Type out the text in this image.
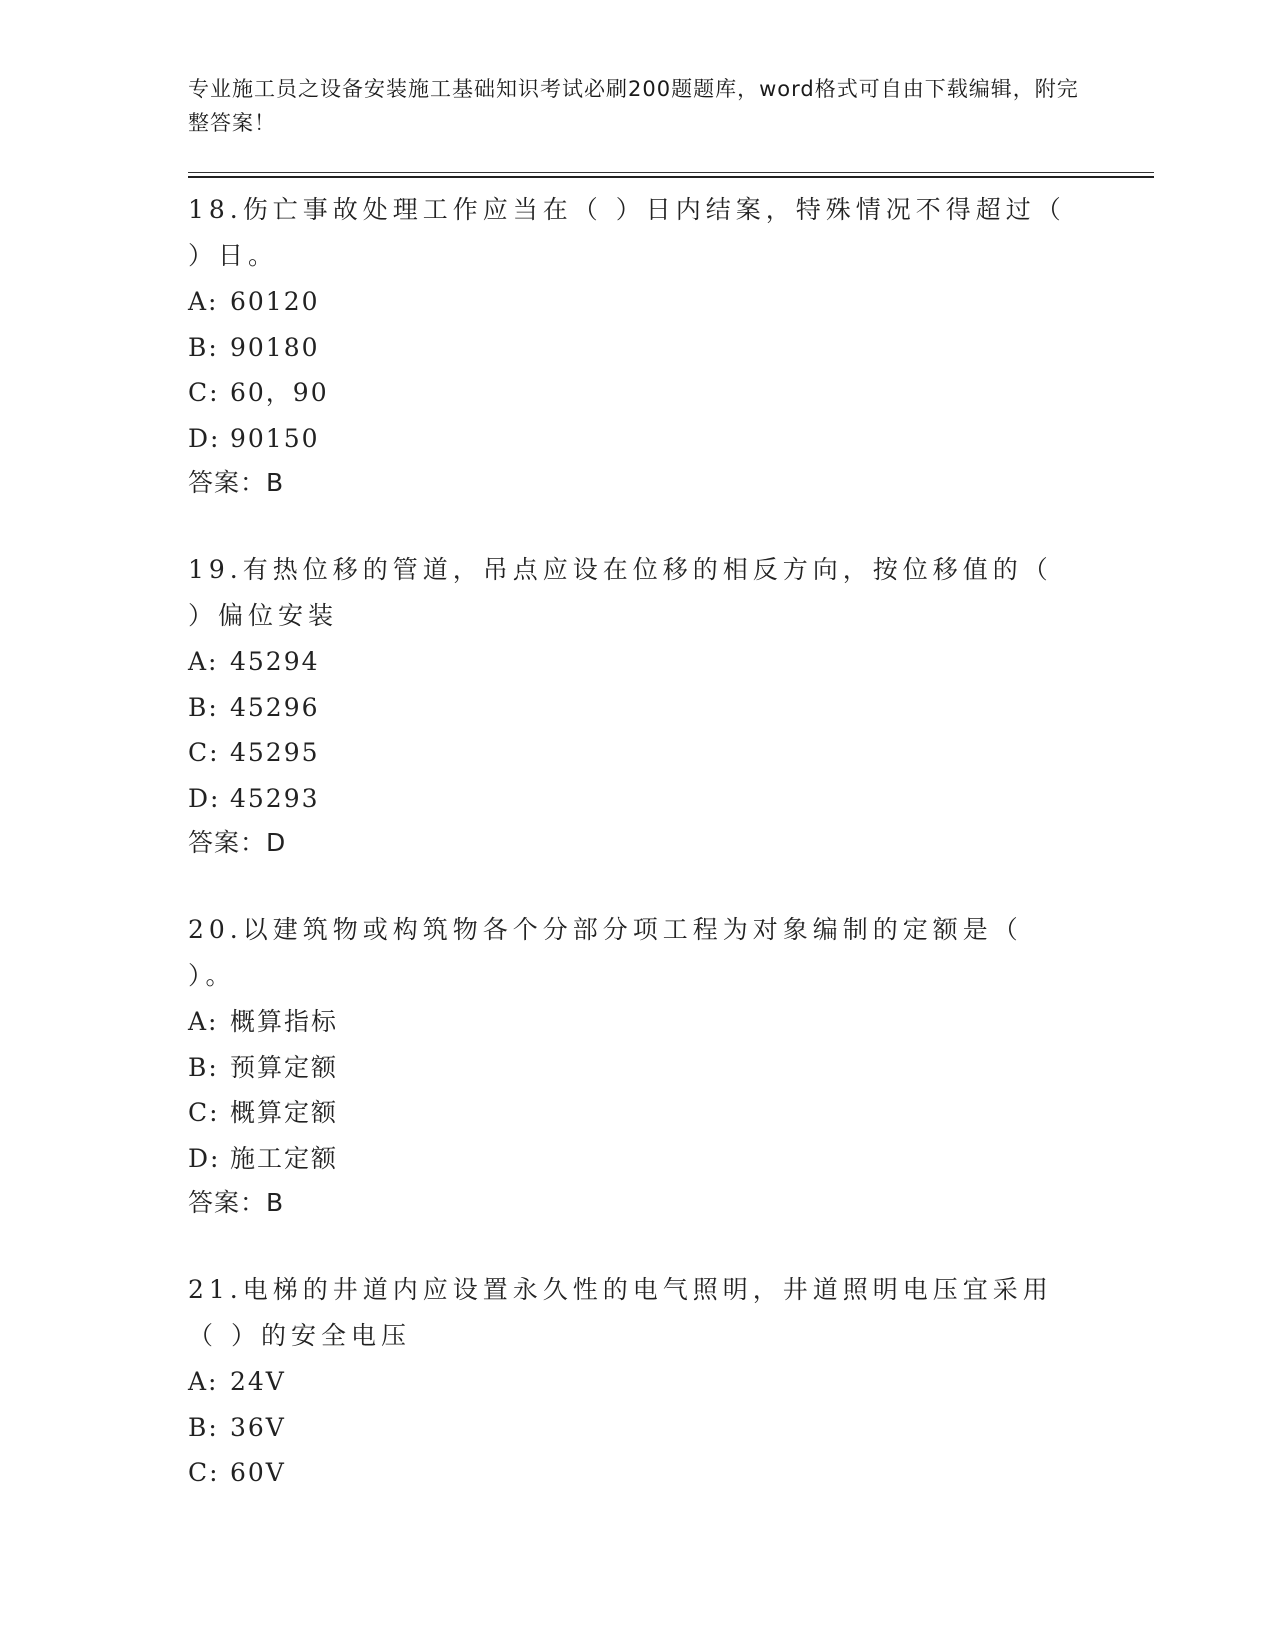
专业施工员之设备安装施工基础知识考试必刷200题题库，word格式可自由下载编辑，附完整答案！
18.伤亡事故处理工作应当在（ ）日内结案，特殊情况不得超过（ ）日。
A: 60120
B: 90180
C: 60，90
D: 90150
答案：B
19.有热位移的管道，吊点应设在位移的相反方向，按位移值的（ ）偏位安装
A: 45294
B: 45296
C: 45295
D: 45293
答案：D
20.以建筑物或构筑物各个分部分项工程为对象编制的定额是（ ）。
A: 概算指标
B: 预算定额
C: 概算定额
D: 施工定额
答案：B
21.电梯的井道内应设置永久性的电气照明，井道照明电压宜采用（ ）的安全电压
A: 24V
B: 36V
C: 60V
